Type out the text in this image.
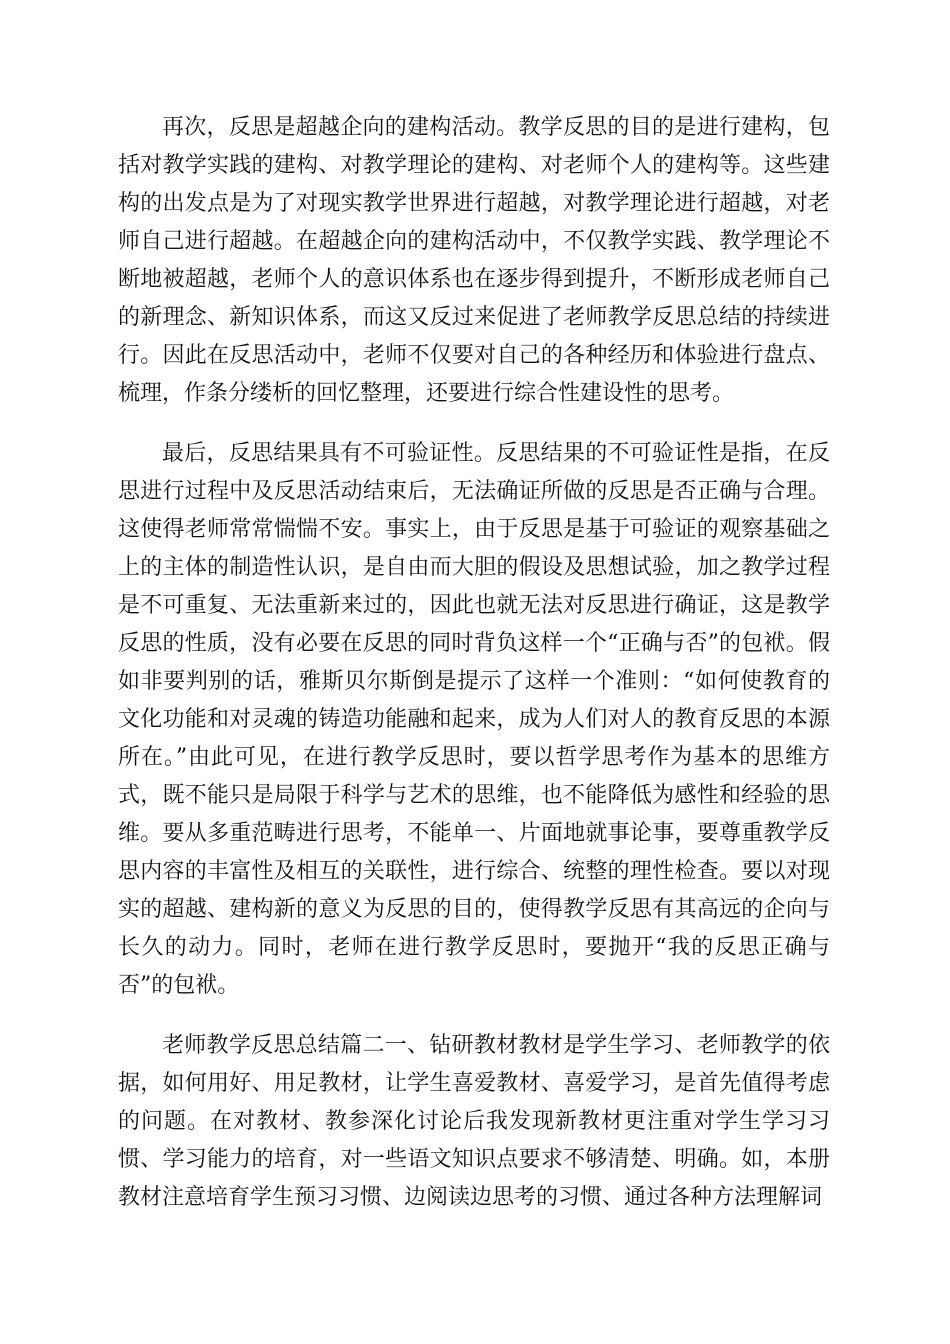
再次，反思是超越企向的建构活动。教学反思的目的是进行建构，包括对教学实践的建构、对教学理论的建构、对老师个人的建构等。这些建构的出发点是为了对现实教学世界进行超越，对教学理论进行超越，对老师自己进行超越。在超越企向的建构活动中，不仅教学实践、教学理论不断地被超越，老师个人的意识体系也在逐步得到提升，不断形成老师自己的新理念、新知识体系，而这又反过来促进了老师教学反思总结的持续进行。因此在反思活动中，老师不仅要对自己的各种经历和体验进行盘点、梳理，作条分缕析的回忆整理，还要进行综合性建设性的思考。

最后，反思结果具有不可验证性。反思结果的不可验证性是指，在反思进行过程中及反思活动结束后，无法确证所做的反思是否正确与合理。这使得老师常常惴惴不安。事实上，由于反思是基于可验证的观察基础之上的主体的制造性认识，是自由而大胆的假设及思想试验，加之教学过程是不可重复、无法重新来过的，因此也就无法对反思进行确证，这是教学反思的性质，没有必要在反思的同时背负这样一个“正确与否”的包袱。假如非要判别的话，雅斯贝尔斯倒是提示了这样一个准则：“如何使教育的文化功能和对灵魂的铸造功能融和起来，成为人们对人的教育反思的本源所在。”由此可见，在进行教学反思时，要以哲学思考作为基本的思维方式，既不能只是局限于科学与艺术的思维，也不能降低为感性和经验的思维。要从多重范畴进行思考，不能单一、片面地就事论事，要尊重教学反思内容的丰富性及相互的关联性，进行综合、统整的理性检查。要以对现实的超越、建构新的意义为反思的目的，使得教学反思有其高远的企向与长久的动力。同时，老师在进行教学反思时，要抛开“我的反思正确与否”的包袱。

老师教学反思总结篇二一、钻研教材教材是学生学习、老师教学的依据，如何用好、用足教材，让学生喜爱教材、喜爱学习，是首先值得考虑的问题。在对教材、教参深化讨论后我发现新教材更注重对学生学习习惯、学习能力的培育，对一些语文知识点要求不够清楚、明确。如，本册教材注意培育学生预习习惯、边阅读边思考的习惯、通过各种方法理解词
